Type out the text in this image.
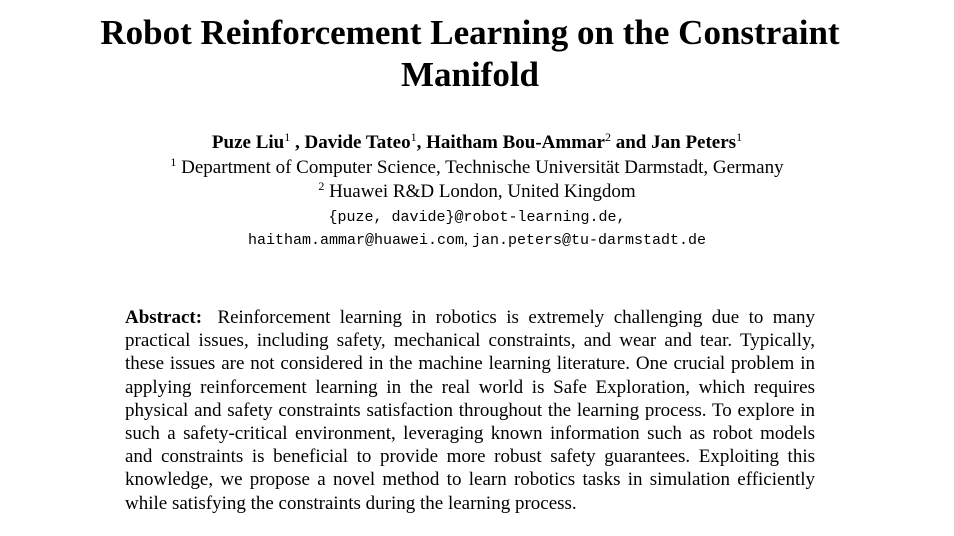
Robot Reinforcement Learning on the Constraint Manifold
Puze Liu$^1$ , Davide Tateo$^1$, Haitham Bou-Ammar$^2$ and Jan Peters$^1$
$^1$ Department of Computer Science, Technische Universität Darmstadt, Germany
$^2$ Huawei R&D London, United Kingdom
{puze, davide}@robot-learning.de,
haitham.ammar@huawei.com, jan.peters@tu-darmstadt.de
Abstract: Reinforcement learning in robotics is extremely challenging due to many practical issues, including safety, mechanical constraints, and wear and tear. Typically, these issues are not considered in the machine learning literature. One crucial problem in applying reinforcement learning in the real world is Safe Exploration, which requires physical and safety constraints satisfaction throughout the learning process. To explore in such a safety-critical environment, leveraging known information such as robot models and constraints is beneficial to provide more robust safety guarantees. Exploiting this knowledge, we propose a novel method to learn robotics tasks in simulation efficiently while satisfying the constraints during the learning process.
